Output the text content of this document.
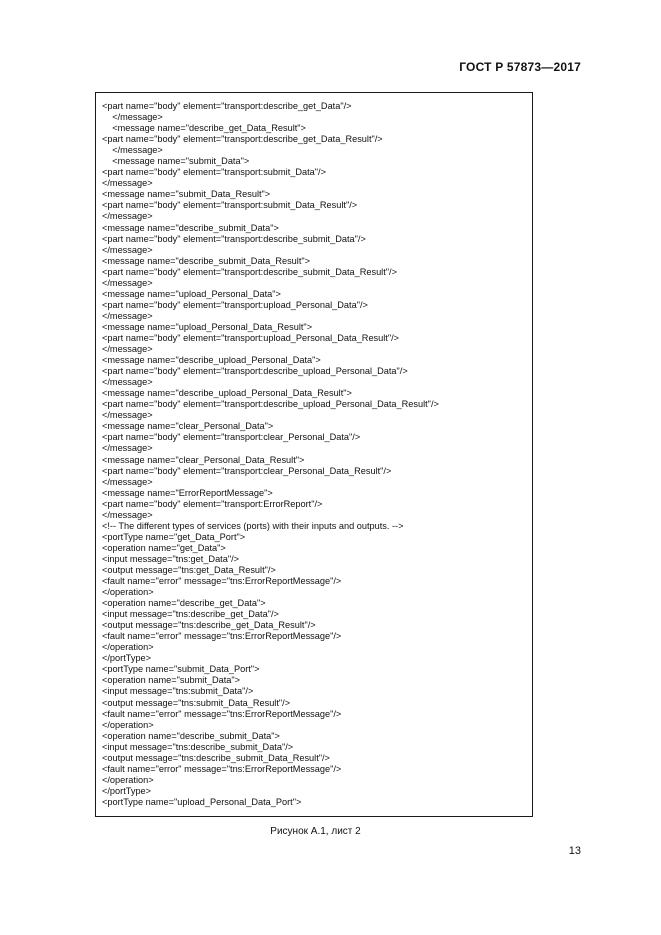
ГОСТ Р 57873—2017
<part name="body" element="transport:describe_get_Data"/>
</message>
<message name="describe_get_Data_Result">
<part name="body" element="transport:describe_get_Data_Result"/>
</message>
<message name="submit_Data">
<part name="body" element="transport:submit_Data"/>
</message>
<message name="submit_Data_Result">
<part name="body" element="transport:submit_Data_Result"/>
</message>
<message name="describe_submit_Data">
<part name="body" element="transport:describe_submit_Data"/>
</message>
<message name="describe_submit_Data_Result">
<part name="body" element="transport:describe_submit_Data_Result"/>
</message>
<message name="upload_Personal_Data">
<part name="body" element="transport:upload_Personal_Data"/>
</message>
<message name="upload_Personal_Data_Result">
<part name="body" element="transport:upload_Personal_Data_Result"/>
</message>
<message name="describe_upload_Personal_Data">
<part name="body" element="transport:describe_upload_Personal_Data"/>
</message>
<message name="describe_upload_Personal_Data_Result">
<part name="body" element="transport:describe_upload_Personal_Data_Result"/>
</message>
<message name="clear_Personal_Data">
<part name="body" element="transport:clear_Personal_Data"/>
</message>
<message name="clear_Personal_Data_Result">
<part name="body" element="transport:clear_Personal_Data_Result"/>
</message>
<message name="ErrorReportMessage">
<part name="body" element="transport:ErrorReport"/>
</message>
<!-- The different types of services (ports) with their inputs and outputs. -->
<portType name="get_Data_Port">
<operation name="get_Data">
<input message="tns:get_Data"/>
<output message="tns:get_Data_Result"/>
<fault name="error" message="tns:ErrorReportMessage"/>
</operation>
<operation name="describe_get_Data">
<input message="tns:describe_get_Data"/>
<output message="tns:describe_get_Data_Result"/>
<fault name="error" message="tns:ErrorReportMessage"/>
</operation>
</portType>
<portType name="submit_Data_Port">
<operation name="submit_Data">
<input message="tns:submit_Data"/>
<output message="tns:submit_Data_Result"/>
<fault name="error" message="tns:ErrorReportMessage"/>
</operation>
<operation name="describe_submit_Data">
<input message="tns:describe_submit_Data"/>
<output message="tns:describe_submit_Data_Result"/>
<fault name="error" message="tns:ErrorReportMessage"/>
</operation>
</portType>
<portType name="upload_Personal_Data_Port">
Рисунок А.1, лист 2
13
